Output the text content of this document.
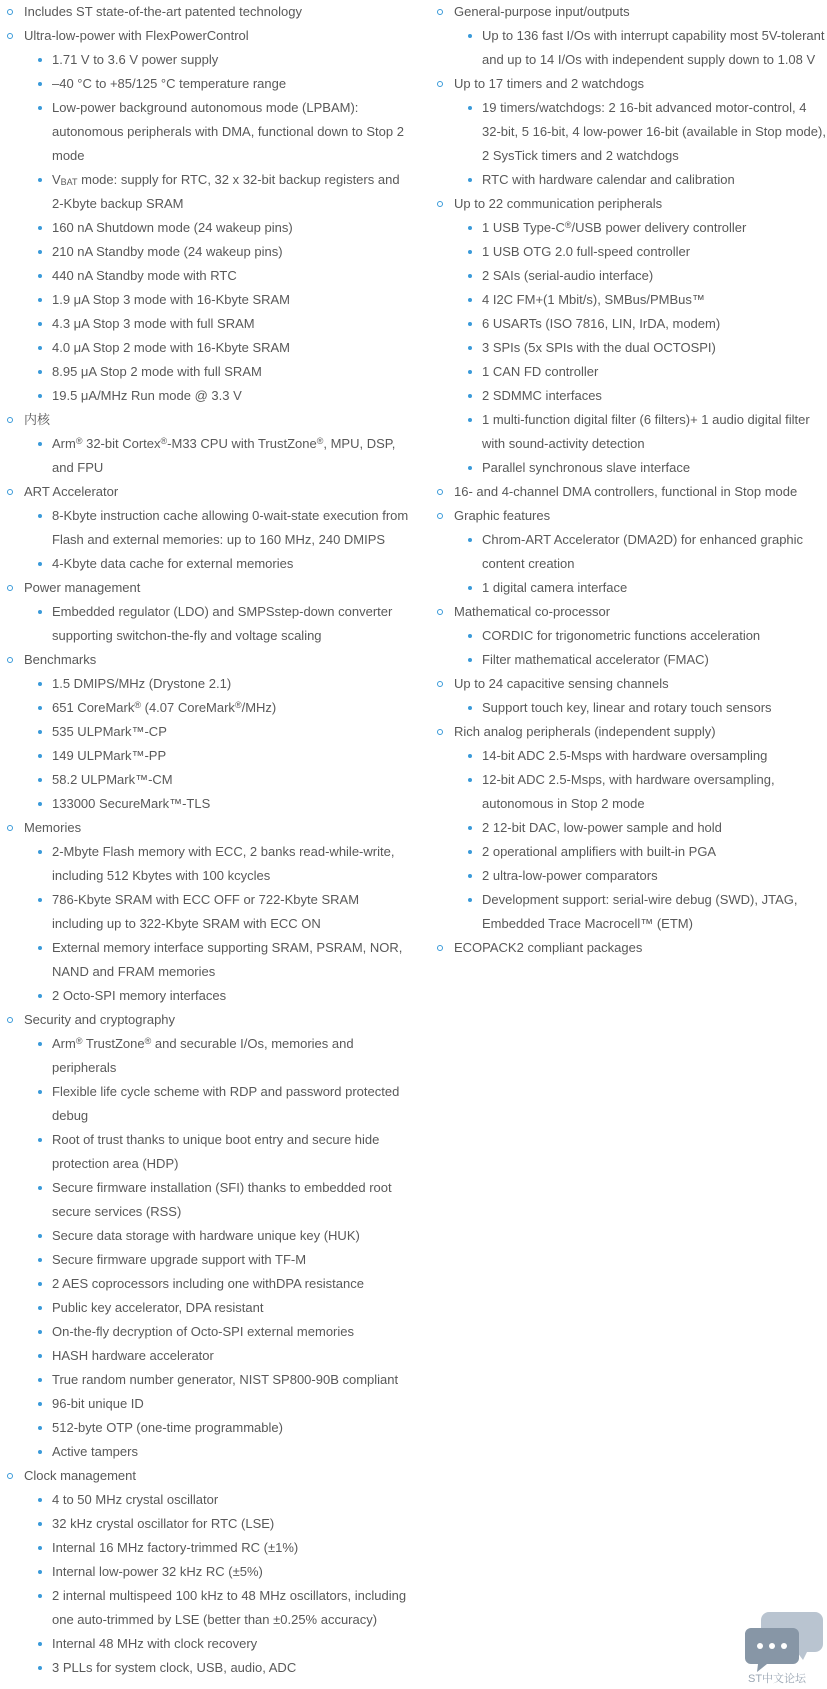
Includes ST state-of-the-art patented technology
Ultra-low-power with FlexPowerControl
1.71 V to 3.6 V power supply
–40 °C to +85/125 °C temperature range
Low-power background autonomous mode (LPBAM): autonomous peripherals with DMA, functional down to Stop 2 mode
VBAT mode: supply for RTC, 32 x 32-bit backup registers and 2-Kbyte backup SRAM
160 nA Shutdown mode (24 wakeup pins)
210 nA Standby mode (24 wakeup pins)
440 nA Standby mode with RTC
1.9 μA Stop 3 mode with 16-Kbyte SRAM
4.3 μA Stop 3 mode with full SRAM
4.0 μA Stop 2 mode with 16-Kbyte SRAM
8.95 μA Stop 2 mode with full SRAM
19.5 μA/MHz Run mode @ 3.3 V
内核
Arm® 32-bit Cortex®-M33 CPU with TrustZone®, MPU, DSP, and FPU
ART Accelerator
8-Kbyte instruction cache allowing 0-wait-state execution from Flash and external memories: up to 160 MHz, 240 DMIPS
4-Kbyte data cache for external memories
Power management
Embedded regulator (LDO) and SMPSstep-down converter supporting switchon-the-fly and voltage scaling
Benchmarks
1.5 DMIPS/MHz (Drystone 2.1)
651 CoreMark® (4.07 CoreMark®/MHz)
535 ULPMark™-CP
149 ULPMark™-PP
58.2 ULPMark™-CM
133000 SecureMark™-TLS
Memories
2-Mbyte Flash memory with ECC, 2 banks read-while-write, including 512 Kbytes with 100 kcycles
786-Kbyte SRAM with ECC OFF or 722-Kbyte SRAM including up to 322-Kbyte SRAM with ECC ON
External memory interface supporting SRAM, PSRAM, NOR, NAND and FRAM memories
2 Octo-SPI memory interfaces
Security and cryptography
Arm® TrustZone® and securable I/Os, memories and peripherals
Flexible life cycle scheme with RDP and password protected debug
Root of trust thanks to unique boot entry and secure hide protection area (HDP)
Secure firmware installation (SFI) thanks to embedded root secure services (RSS)
Secure data storage with hardware unique key (HUK)
Secure firmware upgrade support with TF-M
2 AES coprocessors including one withDPA resistance
Public key accelerator, DPA resistant
On-the-fly decryption of Octo-SPI external memories
HASH hardware accelerator
True random number generator, NIST SP800-90B compliant
96-bit unique ID
512-byte OTP (one-time programmable)
Active tampers
Clock management
4 to 50 MHz crystal oscillator
32 kHz crystal oscillator for RTC (LSE)
Internal 16 MHz factory-trimmed RC (±1%)
Internal low-power 32 kHz RC (±5%)
2 internal multispeed 100 kHz to 48 MHz oscillators, including one auto-trimmed by LSE (better than ±0.25% accuracy)
Internal 48 MHz with clock recovery
3 PLLs for system clock, USB, audio, ADC
General-purpose input/outputs
Up to 136 fast I/Os with interrupt capability most 5V-tolerant and up to 14 I/Os with independent supply down to 1.08 V
Up to 17 timers and 2 watchdogs
19 timers/watchdogs: 2 16-bit advanced motor-control, 4 32-bit, 5 16-bit, 4 low-power 16-bit (available in Stop mode), 2 SysTick timers and 2 watchdogs
RTC with hardware calendar and calibration
Up to 22 communication peripherals
1 USB Type-C®/USB power delivery controller
1 USB OTG 2.0 full-speed controller
2 SAIs (serial-audio interface)
4 I2C FM+(1 Mbit/s), SMBus/PMBus™
6 USARTs (ISO 7816, LIN, IrDA, modem)
3 SPIs (5x SPIs with the dual OCTOSPI)
1 CAN FD controller
2 SDMMC interfaces
1 multi-function digital filter (6 filters)+ 1 audio digital filter with sound-activity detection
Parallel synchronous slave interface
16- and 4-channel DMA controllers, functional in Stop mode
Graphic features
Chrom-ART Accelerator (DMA2D) for enhanced graphic content creation
1 digital camera interface
Mathematical co-processor
CORDIC for trigonometric functions acceleration
Filter mathematical accelerator (FMAC)
Up to 24 capacitive sensing channels
Support touch key, linear and rotary touch sensors
Rich analog peripherals (independent supply)
14-bit ADC 2.5-Msps with hardware oversampling
12-bit ADC 2.5-Msps, with hardware oversampling, autonomous in Stop 2 mode
2 12-bit DAC, low-power sample and hold
2 operational amplifiers with built-in PGA
2 ultra-low-power comparators
Development support: serial-wire debug (SWD), JTAG, Embedded Trace Macrocell™ (ETM)
ECOPACK2 compliant packages
ST中文论坛
